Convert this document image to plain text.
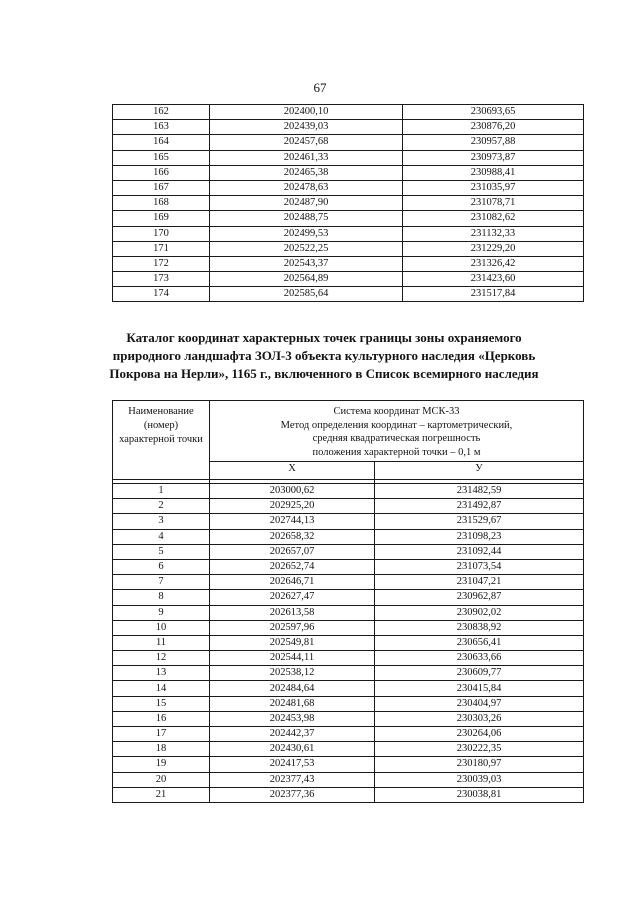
67
162	202400,10	230693,65
163	202439,03	230876,20
164	202457,68	230957,88
165	202461,33	230973,87
166	202465,38	230988,41
167	202478,63	231035,97
168	202487,90	231078,71
169	202488,75	231082,62
170	202499,53	231132,33
171	202522,25	231229,20
172	202543,37	231326,42
173	202564,89	231423,60
174	202585,64	231517,84
Каталог координат характерных точек границы зоны охраняемого
природного ландшафта ЗОЛ-3 объекта культурного наследия «Церковь
Покрова на Нерли», 1165 г., включенного в Список всемирного наследия
Наименование
(номер)
характерной точки	Система координат МСК-33
Метод определения координат – картометрический,
средняя квадратическая погрешность
положения характерной точки – 0,1 м	

	X	У

1	203000,62	231482,59
2	202925,20	231492,87
3	202744,13	231529,67
4	202658,32	231098,23
5	202657,07	231092,44
6	202652,74	231073,54
7	202646,71	231047,21
8	202627,47	230962,87
9	202613,58	230902,02
10	202597,96	230838,92
11	202549,81	230656,41
12	202544,11	230633,66
13	202538,12	230609,77
14	202484,64	230415,84
15	202481,68	230404,97
16	202453,98	230303,26
17	202442,37	230264,06
18	202430,61	230222,35
19	202417,53	230180,97
20	202377,43	230039,03
21	202377,36	230038,81
